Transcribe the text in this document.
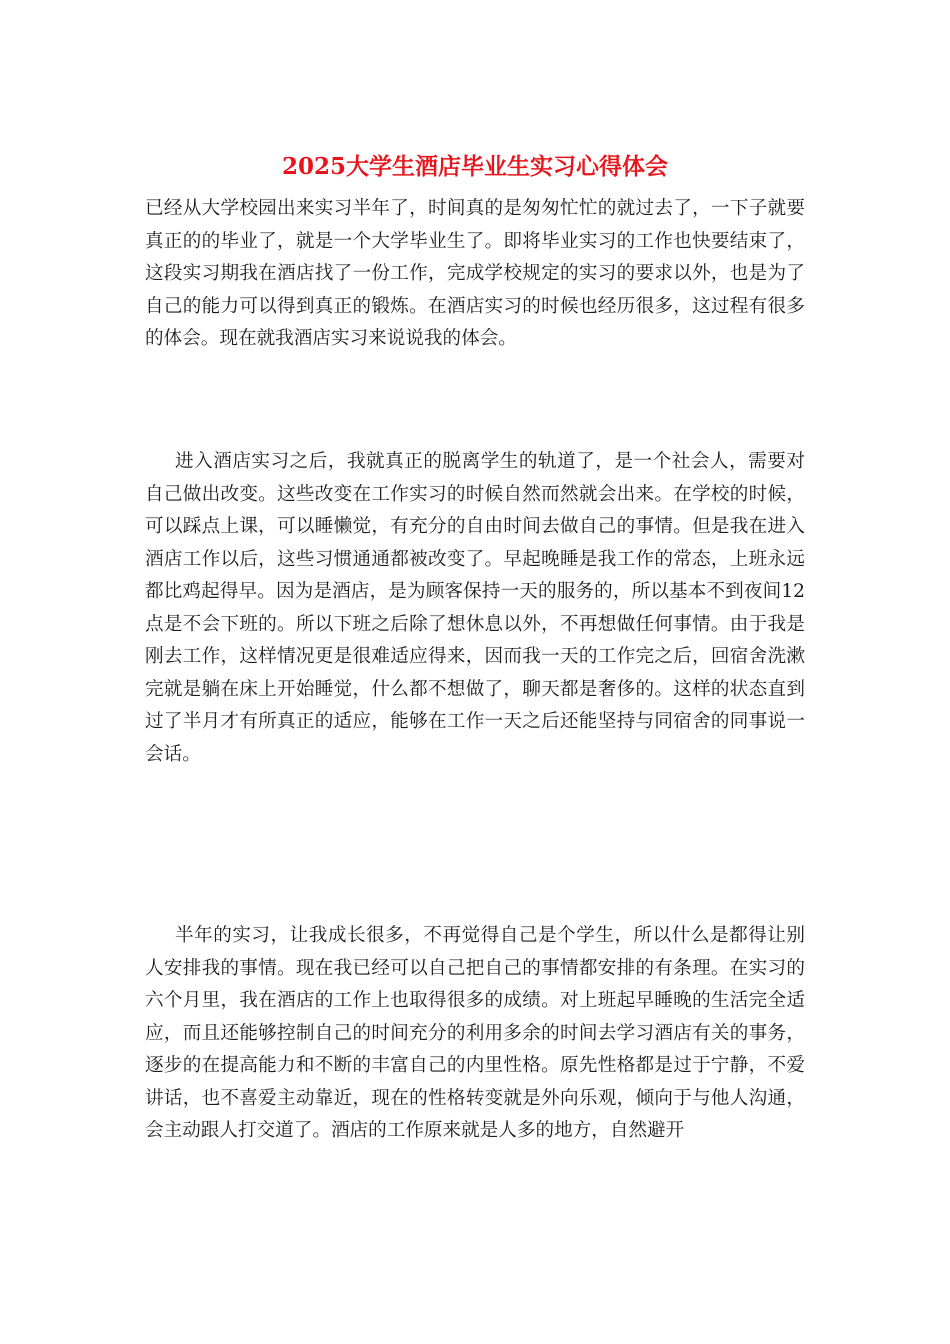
2025大学生酒店毕业生实习心得体会

已经从大学校园出来实习半年了，时间真的是匆匆忙忙的就过去了，一下子就要真正的的毕业了，就是一个大学毕业生了。即将毕业实习的工作也快要结束了，这段实习期我在酒店找了一份工作，完成学校规定的实习的要求以外，也是为了自己的能力可以得到真正的锻炼。在酒店实习的时候也经历很多，这过程有很多的体会。现在就我酒店实习来说说我的体会。

进入酒店实习之后，我就真正的脱离学生的轨道了，是一个社会人，需要对自己做出改变。这些改变在工作实习的时候自然而然就会出来。在学校的时候，可以踩点上课，可以睡懒觉，有充分的自由时间去做自己的事情。但是我在进入酒店工作以后，这些习惯通通都被改变了。早起晚睡是我工作的常态，上班永远都比鸡起得早。因为是酒店，是为顾客保持一天的服务的，所以基本不到夜间12点是不会下班的。所以下班之后除了想休息以外，不再想做任何事情。由于我是刚去工作，这样情况更是很难适应得来，因而我一天的工作完之后，回宿舍洗漱完就是躺在床上开始睡觉，什么都不想做了，聊天都是奢侈的。这样的状态直到过了半月才有所真正的适应，能够在工作一天之后还能坚持与同宿舍的同事说一会话。

半年的实习，让我成长很多，不再觉得自己是个学生，所以什么是都得让别人安排我的事情。现在我已经可以自己把自己的事情都安排的有条理。在实习的六个月里，我在酒店的工作上也取得很多的成绩。对上班起早睡晚的生活完全适应，而且还能够控制自己的时间充分的利用多余的时间去学习酒店有关的事务，逐步的在提高能力和不断的丰富自己的内里性格。原先性格都是过于宁静，不爱讲话，也不喜爱主动靠近，现在的性格转变就是外向乐观，倾向于与他人沟通，会主动跟人打交道了。酒店的工作原来就是人多的地方，自然避开
